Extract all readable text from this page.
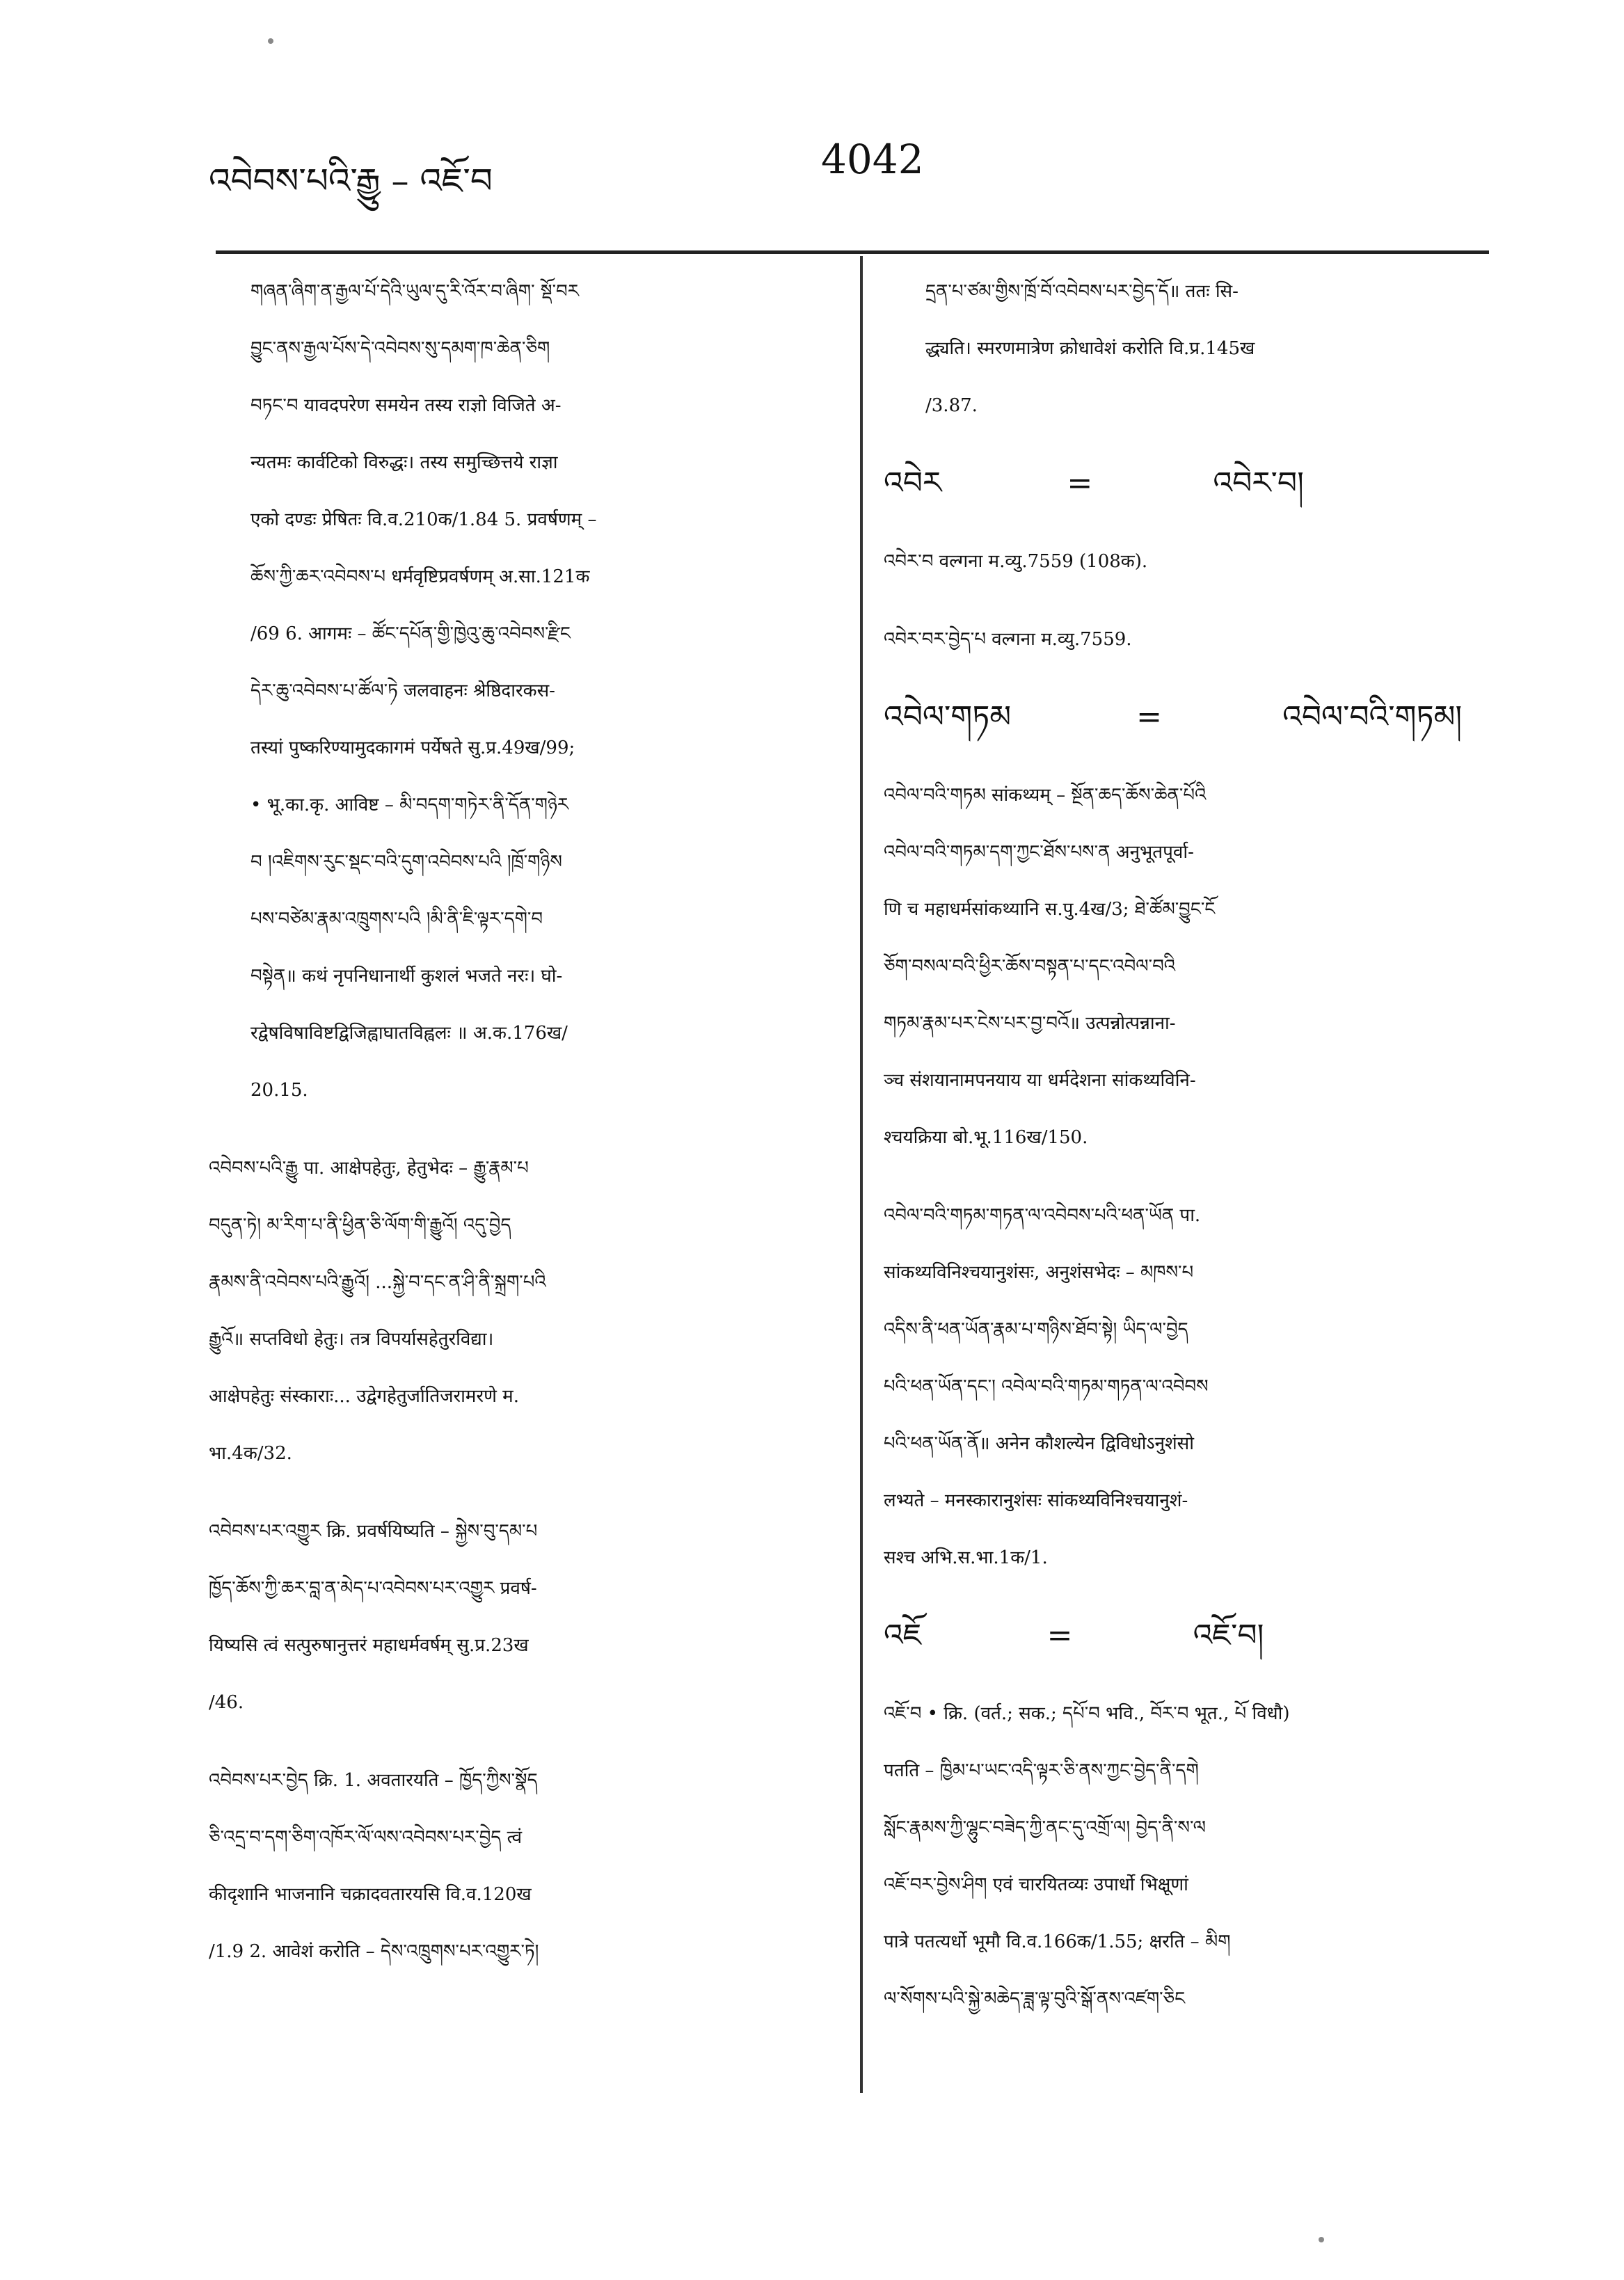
འབེབས་པའི་རྒྱུ – འཇོ་བ	4042
གཞན་ཞིག་ན་རྒྱལ་པོ་དེའི་ཡུལ་དུ་རི་འོར་བ་ཞིག་ སྡོ་བར
བྱུང་ནས་རྒྱལ་པོས་དེ་འབེབས་སུ་དམག་ཁ་ཆེན་ཅིག
བཏང་བ यावदपरेण समयेन तस्य राज्ञो विजिते अ-
न्यतमः कार्वटिको विरुद्धः। तस्य समुच्छित्तये राज्ञा
एको दण्डः प्रेषितः वि.व.210क/1.84 5. प्रवर्षणम् –
ཆོས་ཀྱི་ཆར་འབེབས་པ धर्मवृष्टिप्रवर्षणम् अ.सा.121क
/69 6. आगमः – ཚོང་དཔོན་གྱི་ཁྱེའུ་ཆུ་འབེབས་རྫིང
དེར་ཆུ་འབེབས་པ་ཚོལ་ཏེ जलवाहनः श्रेष्ठिदारकस-
तस्यां पुष्करिण्यामुदकागमं पर्येषते सु.प्र.49ख/99;
• भू.का.कृ. आविष्ट – མི་བདག་གཏེར་ནི་དོན་གཉེར
བ །འཇིགས་རུང་སྡང་བའི་དུག་འབེབས་པའི །ཁྲོ་གཉིས
པས་བཙེམ་རྣམ་འཁྲུགས་པའི །མི་ནི་ཇི་ལྟར་དགེ་བ
བསྟེན॥ कथं नृपनिधानार्थी कुशलं भजते नरः। घो-
रद्वेषविषाविष्टद्विजिह्वाघातविह्वलः ॥ अ.क.176ख/
20.15.
འབེབས་པའི་རྒྱུ पा. आक्षेपहेतुः, हेतुभेदः – རྒྱུ་རྣམ་པ
བདུན་ཏེ། མ་རིག་པ་ནི་ཕྱིན་ཅི་ལོག་གི་རྒྱུའོ། འདུ་བྱེད
རྣམས་ནི་འབེབས་པའི་རྒྱུའོ། ...སྐྱེ་བ་དང་ན་ཤི་ནི་སྐྲག་པའི
རྒྱུའོ॥ सप्तविधो हेतुः। तत्र विपर्यासहेतुरविद्या।
आक्षेपहेतुः संस्काराः... उद्वेगहेतुर्जातिजरामरणे म.
भा.4क/32.
འབེབས་པར་འགྱུར क्रि. प्रवर्षयिष्यति – སྐྱེས་བུ་དམ་པ
ཁྱོད་ཆོས་ཀྱི་ཆར་བླ་ན་མེད་པ་འབེབས་པར་འགྱུར प्रवर्ष-
यिष्यसि त्वं सत्पुरुषानुत्तरं महाधर्मवर्षम् सु.प्र.23ख
/46.
འབེབས་པར་བྱེད क्रि. 1. अवतारयति – ཁྱོད་ཀྱིས་སྣོད
ཅི་འདྲ་བ་དག་ཅིག་འཁོར་ལོ་ལས་འབེབས་པར་བྱེད त्वं
कीदृशानि भाजनानि चक्रादवतारयसि वि.व.120ख
/1.9 2. आवेशं करोति – དེས་འཁྲུགས་པར་འགྱུར་ཏེ།
དྲན་པ་ཙམ་གྱིས་ཁྲོ་བོ་འབེབས་པར་བྱེད་དོ॥ ततः सि-
द्ध्यति। स्मरणमात्रेण क्रोधावेशं करोति वि.प्र.145ख
/3.87.
འབེར	=	འབེར་བ།
འབེར་བ वल्गना म.व्यु.7559 (108क).
འབེར་བར་བྱེད་པ वल्गना म.व्यु.7559.
འབེལ་གཏམ	=	འབེལ་བའི་གཏམ།
འབེལ་བའི་གཏམ सांकथ्यम् – སྔོན་ཆད་ཆོས་ཆེན་པོའི
འབེལ་བའི་གཏམ་དག་ཀྱང་ཐོས་པས་ན अनुभूतपूर्वा-
णि च महाधर्मसांकथ्यानि स.पु.4ख/3; ཐེ་ཚོམ་བྱུང་ངོ
ཅོག་བསལ་བའི་ཕྱིར་ཆོས་བསྟན་པ་དང་འབེལ་བའི
གཏམ་རྣམ་པར་ངེས་པར་བྱ་བའོ॥ उत्पन्नोत्पन्नाना-
ञ्च संशयानामपनयाय या धर्मदेशना सांकथ्यविनि-
श्चयक्रिया बो.भू.116ख/150.
འབེལ་བའི་གཏམ་གཏན་ལ་འབེབས་པའི་ཕན་ཡོན पा.
सांकथ्यविनिश्चयानुशंसः, अनुशंसभेदः – མཁས་པ
འདིས་ནི་ཕན་ཡོན་རྣམ་པ་གཉིས་ཐོབ་སྟེ། ཡིད་ལ་བྱེད
པའི་ཕན་ཡོན་དང་། འབེལ་བའི་གཏམ་གཏན་ལ་འབེབས
པའི་ཕན་ཡོན་ནོ॥ अनेन कौशल्येन द्विविधोऽनुशंसो
लभ्यते – मनस्कारानुशंसः सांकथ्यविनिश्चयानुशं-
सश्च अभि.स.भा.1क/1.
འཇོ	=	འཇོ་བ།
འཇོ་བ • क्रि. (वर्त.; सक.; དཔོ་བ भवि., བོར་བ भूत., པོ विधौ)
पतति – ཁྱིམ་པ་ཡང་འདི་ལྟར་ཅི་ནས་ཀྱང་བྱེད་ནི་དགེ
སློང་རྣམས་ཀྱི་ལྷུང་བཟེད་ཀྱི་ནང་དུ་འགྲོ་ལ། བྱེད་ནི་ས་ལ
འཇོ་བར་བྱེས་ཤིག एवं चारयितव्यः उपार्धो भिक्षूणां
पात्रे पतत्यर्धो भूमौ वि.व.166क/1.55; क्षरति – མིག
ལ་སོགས་པའི་སྐྱེ་མཆེད་ཟླ་ལྟ་བུའི་སྒོ་ནས་འཛག་ཅིང
